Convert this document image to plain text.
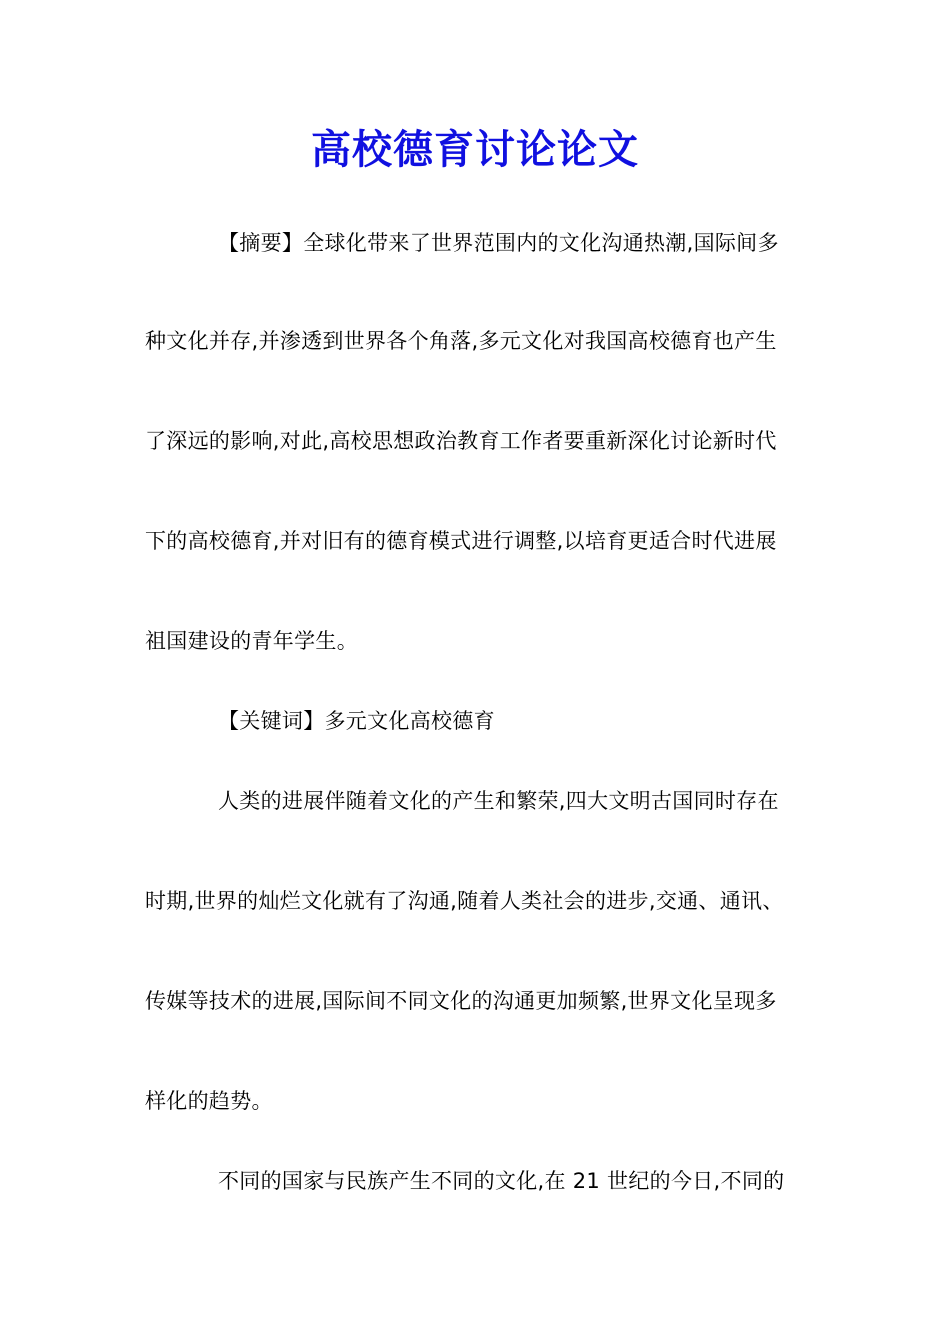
高校德育讨论论文
【摘要】全球化带来了世界范围内的文化沟通热潮,国际间多
种文化并存,并渗透到世界各个角落,多元文化对我国高校德育也产生
了深远的影响,对此,高校思想政治教育工作者要重新深化讨论新时代
下的高校德育,并对旧有的德育模式进行调整,以培育更适合时代进展
祖国建设的青年学生。
【关键词】多元文化高校德育
人类的进展伴随着文化的产生和繁荣,四大文明古国同时存在
时期,世界的灿烂文化就有了沟通,随着人类社会的进步,交通、通讯、
传媒等技术的进展,国际间不同文化的沟通更加频繁,世界文化呈现多
样化的趋势。
不同的国家与民族产生不同的文化,在 21 世纪的今日,不同的
